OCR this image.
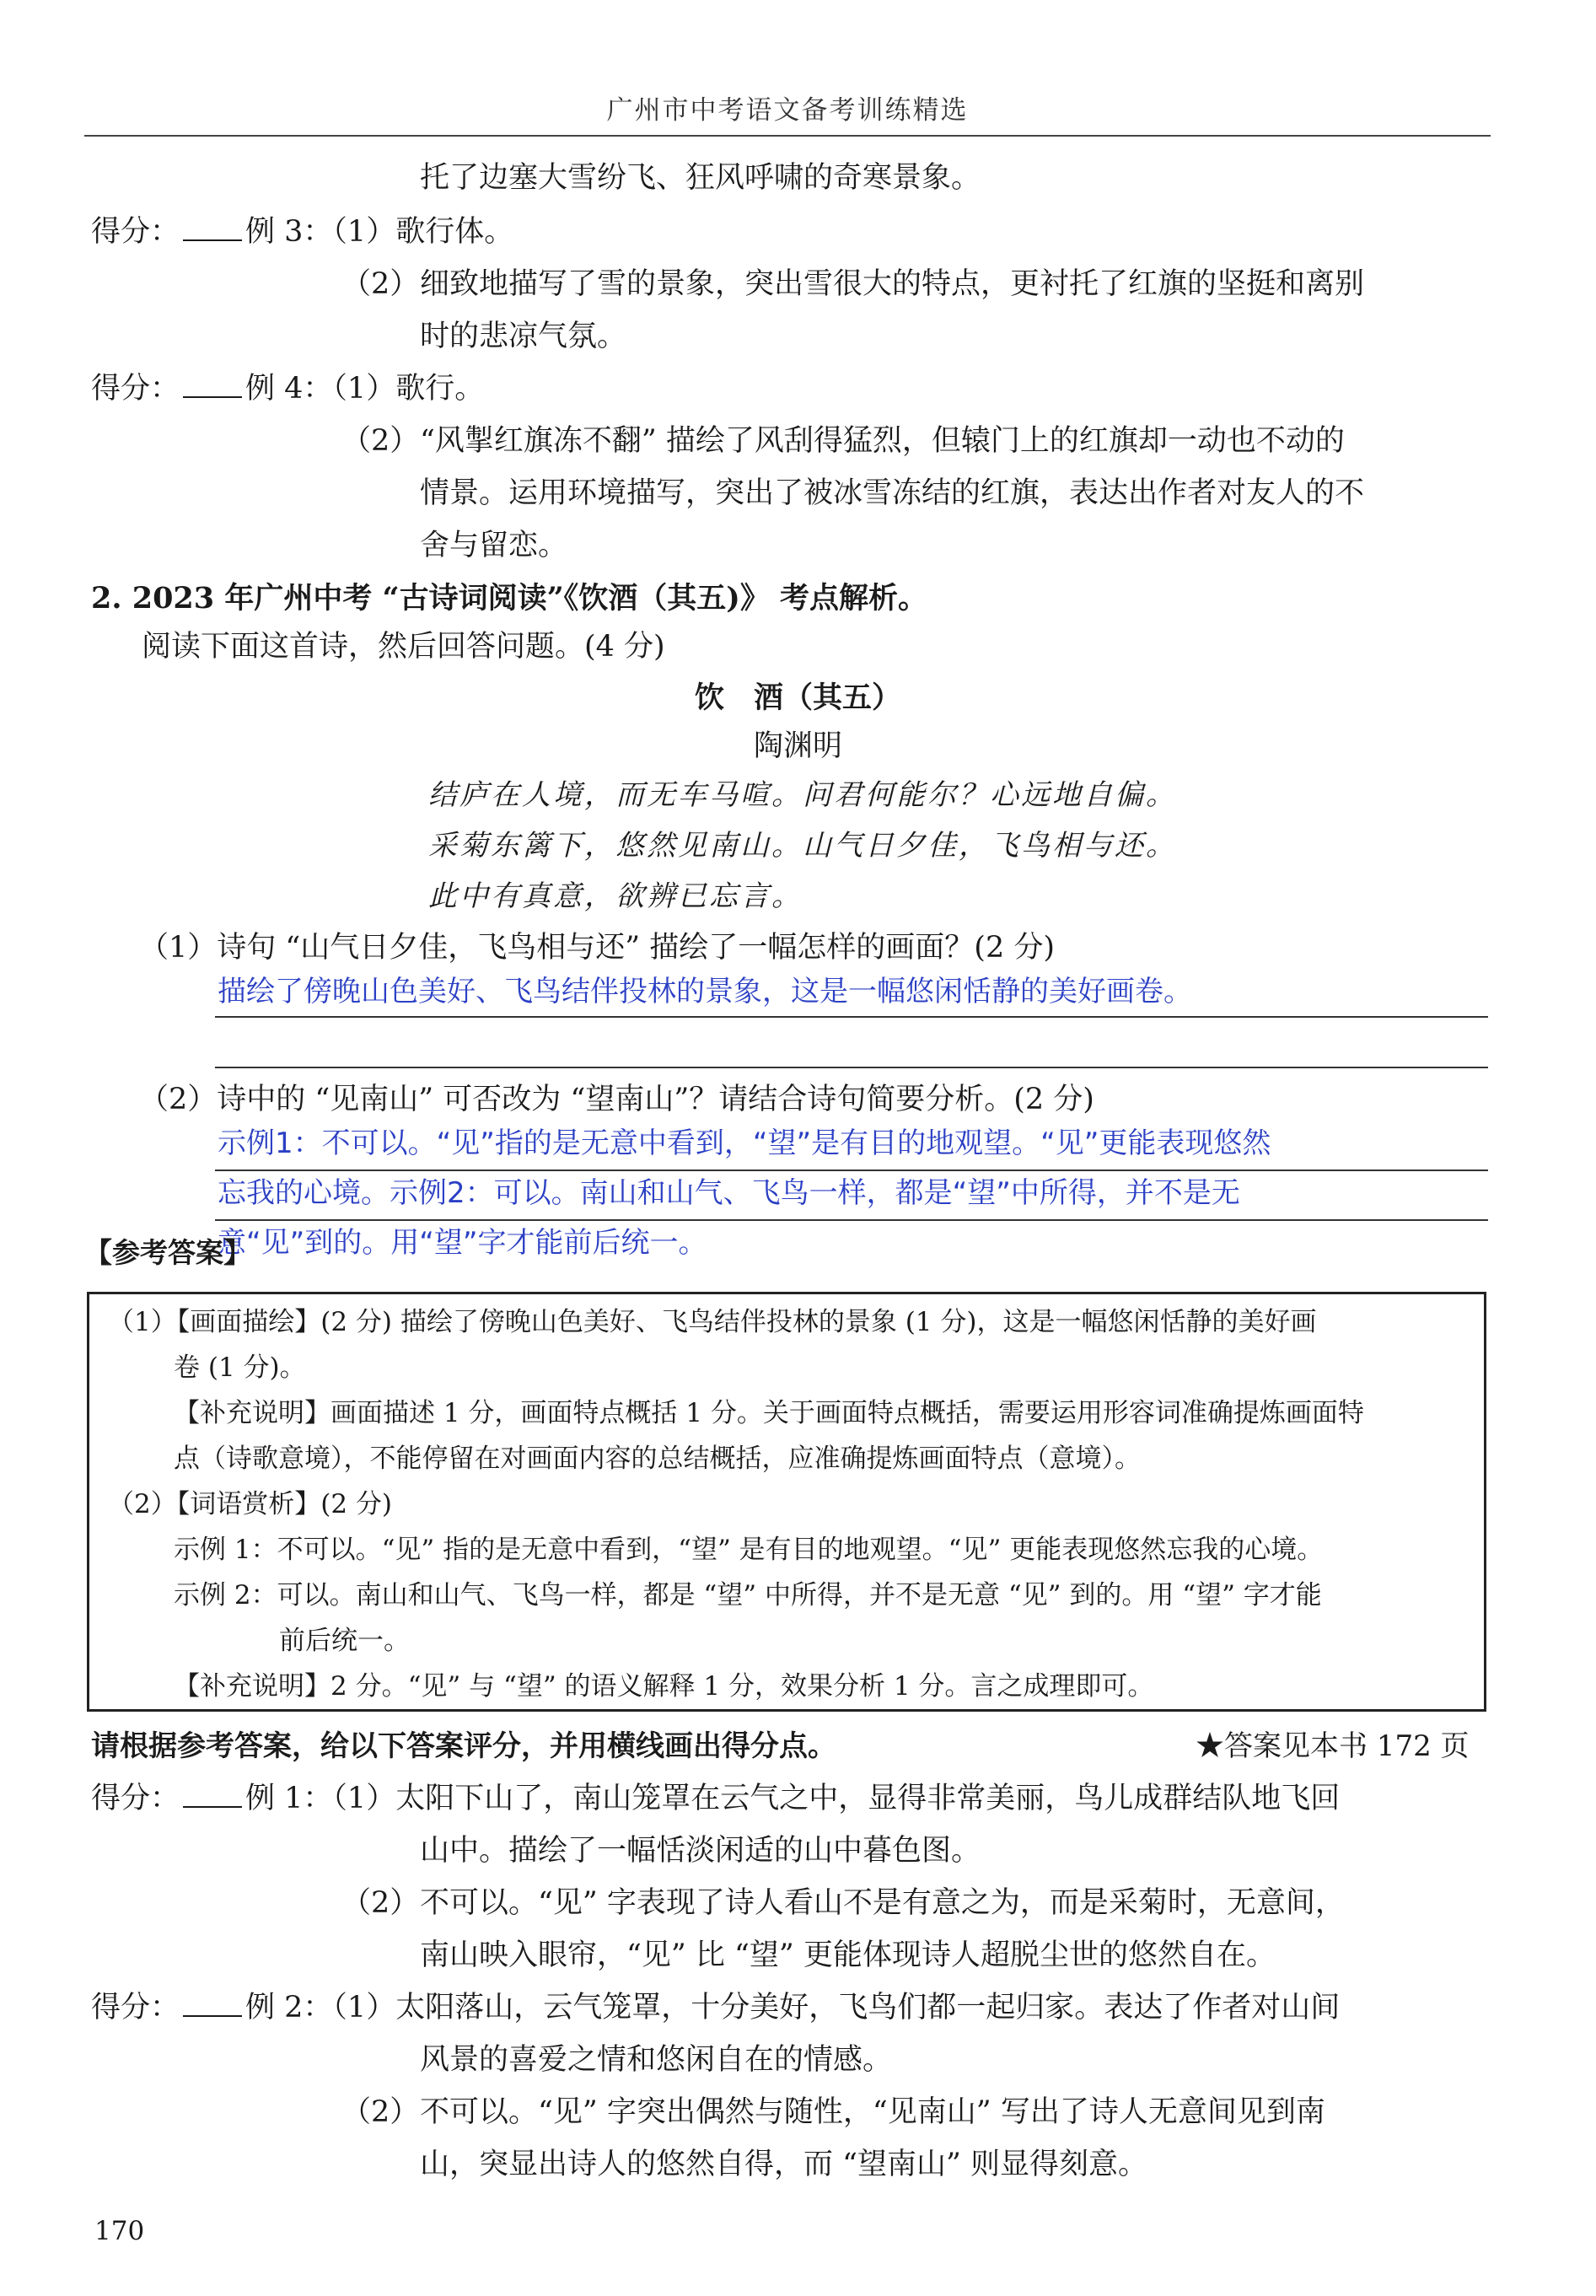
广州市中考语文备考训练精选
托了边塞大雪纷飞、狂风呼啸的奇寒景象。
得分： 例 3：（1）歌行体。
（2） 细致地描写了雪的景象，突出雪很大的特点，更衬托了红旗的坚挺和离别
时的悲凉气氛。
得分： 例 4：（1）歌行。
（2） “风掣红旗冻不翻” 描绘了风刮得猛烈，但辕门上的红旗却一动也不动的
情景。运用环境描写，突出了被冰雪冻结的红旗，表达出作者对友人的不
舍与留恋。
2. 2023 年广州中考 “古诗词阅读”《饮酒（其五)》 考点解析。
阅读下面这首诗，然后回答问题。(4 分)
饮　酒（其五）
陶渊明
结庐在人境，而无车马喧。问君何能尔？心远地自偏。
采菊东篱下，悠然见南山。山气日夕佳，飞鸟相与还。
此中有真意，欲辨已忘言。
（1）诗句 “山气日夕佳，飞鸟相与还” 描绘了一幅怎样的画面？(2 分)
描绘了傍晚山色美好、飞鸟结伴投林的景象，这是一幅悠闲恬静的美好画卷。
（2）诗中的 “见南山” 可否改为 “望南山”？请结合诗句简要分析。(2 分)
示例1：不可以。“见”指的是无意中看到，“望”是有目的地观望。“见”更能表现悠然
忘我的心境。示例2：可以。南山和山气、飞鸟一样，都是“望”中所得，并不是无
意“见”到的。用“望”字才能前后统一。
【参考答案】
（1）【画面描绘】(2 分) 描绘了傍晚山色美好、飞鸟结伴投林的景象 (1 分)，这是一幅悠闲恬静的美好画
卷 (1 分)。
【补充说明】画面描述 1 分，画面特点概括 1 分。关于画面特点概括，需要运用形容词准确提炼画面特
点（诗歌意境），不能停留在对画面内容的总结概括，应准确提炼画面特点（意境）。
（2）【词语赏析】(2 分)
示例 1：不可以。“见” 指的是无意中看到，“望” 是有目的地观望。“见” 更能表现悠然忘我的心境。
示例 2：可以。南山和山气、飞鸟一样，都是 “望” 中所得，并不是无意 “见” 到的。用 “望” 字才能
前后统一。
【补充说明】2 分。“见” 与 “望” 的语义解释 1 分，效果分析 1 分。言之成理即可。
请根据参考答案，给以下答案评分，并用横线画出得分点。	★答案见本书 172 页
得分： 例 1：（1）太阳下山了，南山笼罩在云气之中，显得非常美丽，鸟儿成群结队地飞回
山中。描绘了一幅恬淡闲适的山中暮色图。
（2） 不可以。“见” 字表现了诗人看山不是有意之为，而是采菊时，无意间，
南山映入眼帘，“见” 比 “望” 更能体现诗人超脱尘世的悠然自在。
得分： 例 2：（1）太阳落山，云气笼罩，十分美好，飞鸟们都一起归家。表达了作者对山间
风景的喜爱之情和悠闲自在的情感。
（2） 不可以。“见” 字突出偶然与随性，“见南山” 写出了诗人无意间见到南
山，突显出诗人的悠然自得，而 “望南山” 则显得刻意。
170
